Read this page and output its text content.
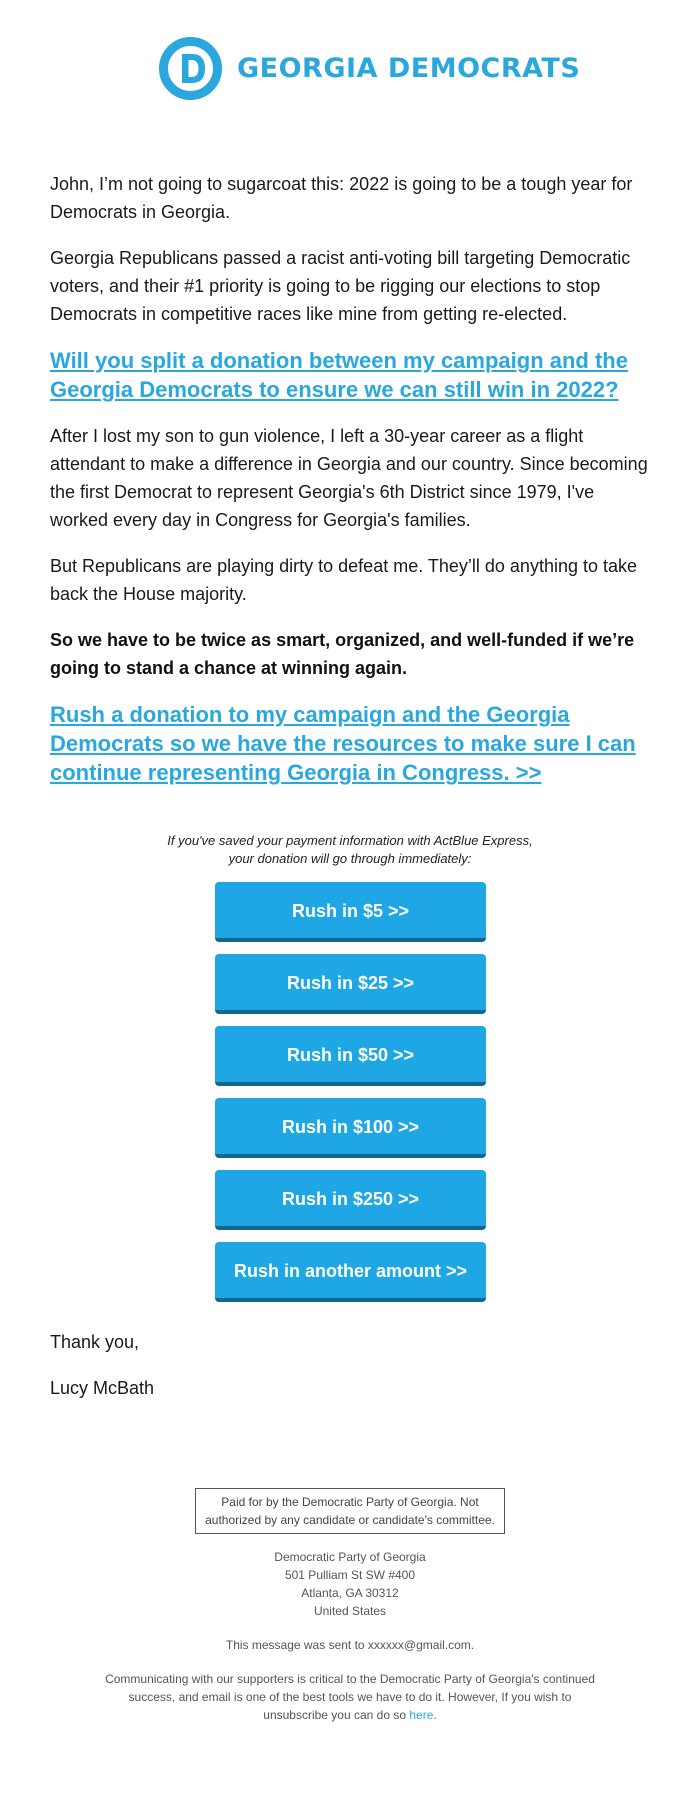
GEORGIA DEMOCRATS

John, I’m not going to sugarcoat this: 2022 is going to be a tough year for Democrats in Georgia.

Georgia Republicans passed a racist anti-voting bill targeting Democratic voters, and their #1 priority is going to be rigging our elections to stop Democrats in competitive races like mine from getting re-elected.

Will you split a donation between my campaign and the Georgia Democrats to ensure we can still win in 2022?

After I lost my son to gun violence, I left a 30-year career as a flight attendant to make a difference in Georgia and our country. Since becoming the first Democrat to represent Georgia's 6th District since 1979, I've worked every day in Congress for Georgia's families.

But Republicans are playing dirty to defeat me. They’ll do anything to take back the House majority.

So we have to be twice as smart, organized, and well-funded if we’re going to stand a chance at winning again.

Rush a donation to my campaign and the Georgia Democrats so we have the resources to make sure I can continue representing Georgia in Congress. >>
If you've saved your payment information with ActBlue Express,
your donation will go through immediately:
Rush in $5 >>
Rush in $25 >>
Rush in $50 >>
Rush in $100 >>
Rush in $250 >>
Rush in another amount >>

Thank you,

Lucy McBath

Paid for by the Democratic Party of Georgia. Not
authorized by any candidate or candidate's committee.
Democratic Party of Georgia
501 Pulliam St SW #400
Atlanta, GA 30312
United States
This message was sent to xxxxxx@gmail.com.
Communicating with our supporters is critical to the Democratic Party of Georgia's continued success, and email is one of the best tools we have to do it. However, If you wish to unsubscribe you can do so here.
